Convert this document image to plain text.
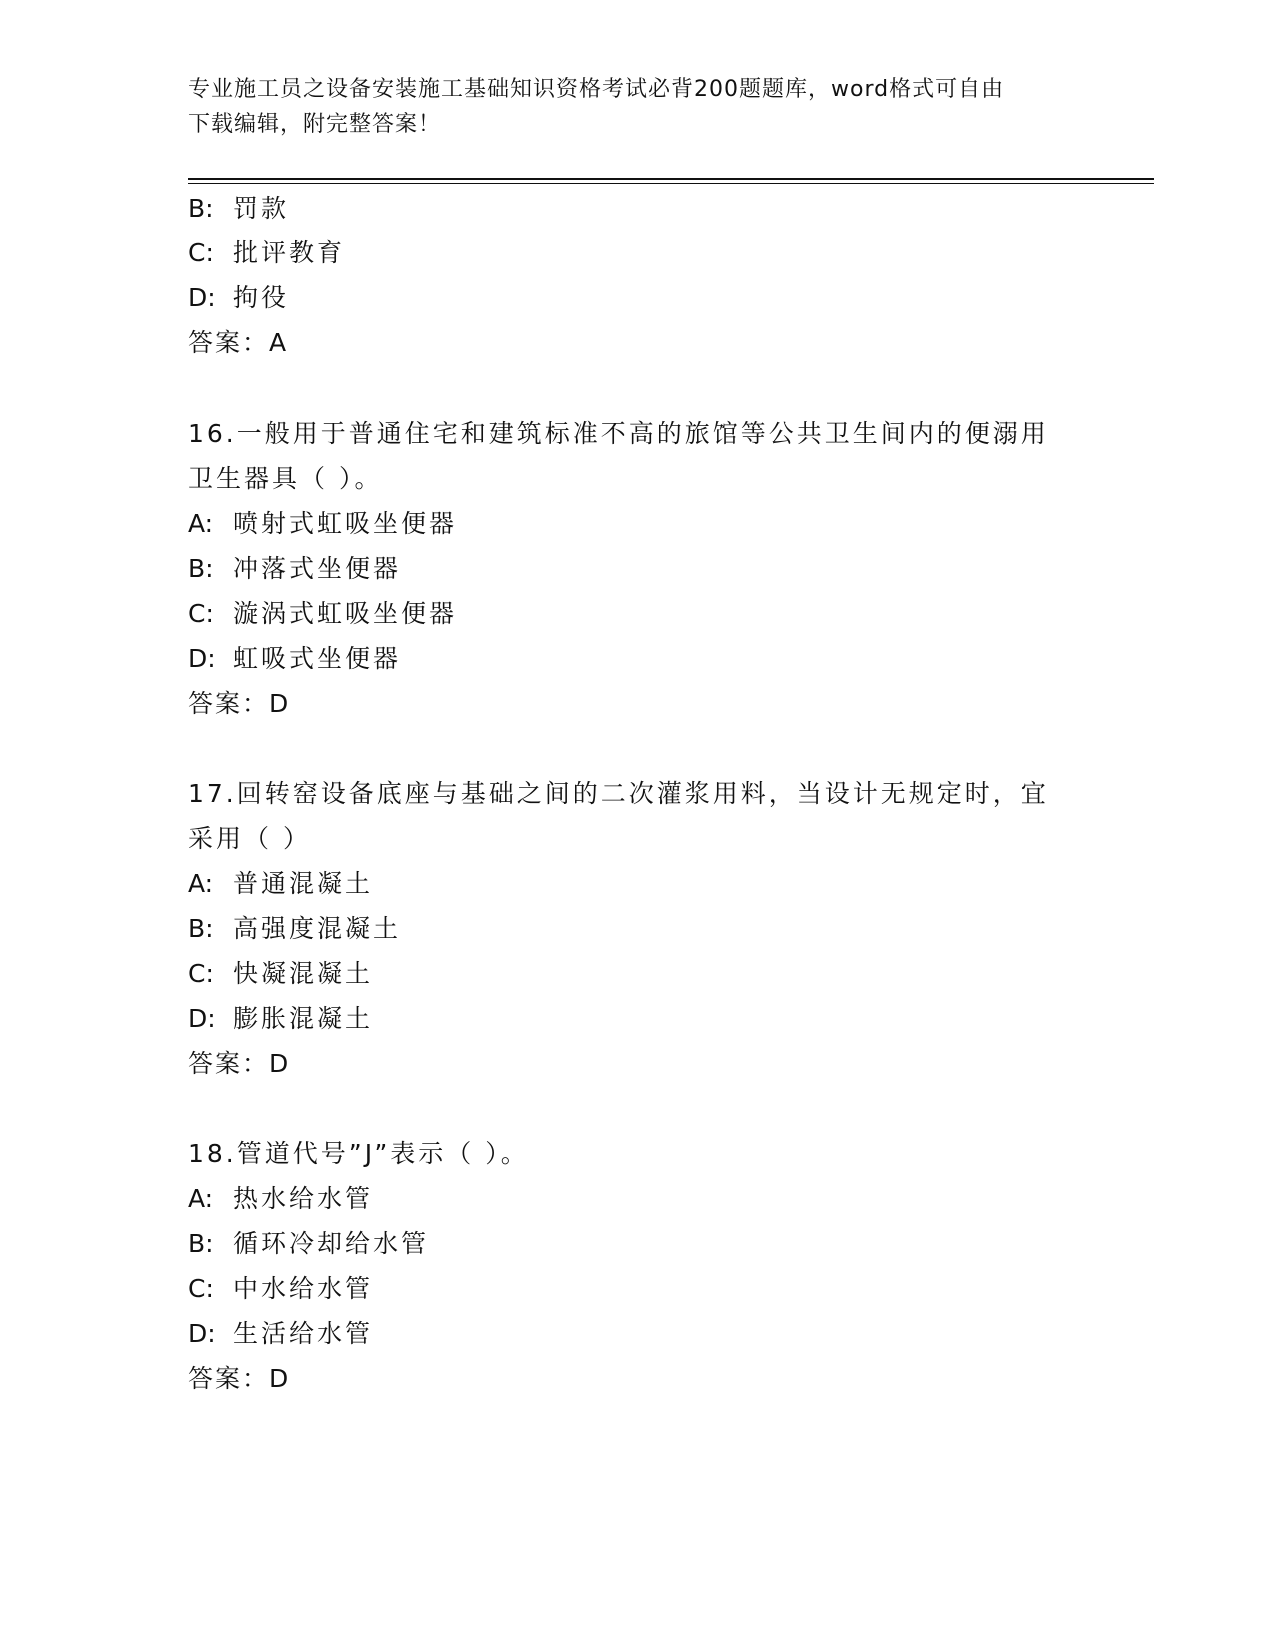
专业施工员之设备安装施工基础知识资格考试必背200题题库，word格式可自由
下载编辑，附完整答案！
B: 罚款
C: 批评教育
D: 拘役
答案：A
16.一般用于普通住宅和建筑标准不高的旅馆等公共卫生间内的便溺用
卫生器具（ ）。
A: 喷射式虹吸坐便器
B: 冲落式坐便器
C: 漩涡式虹吸坐便器
D: 虹吸式坐便器
答案：D
17.回转窑设备底座与基础之间的二次灌浆用料，当设计无规定时，宜
采用（ ）
A: 普通混凝土
B: 高强度混凝土
C: 快凝混凝土
D: 膨胀混凝土
答案：D
18.管道代号”J”表示（ ）。
A: 热水给水管
B: 循环冷却给水管
C: 中水给水管
D: 生活给水管
答案：D
